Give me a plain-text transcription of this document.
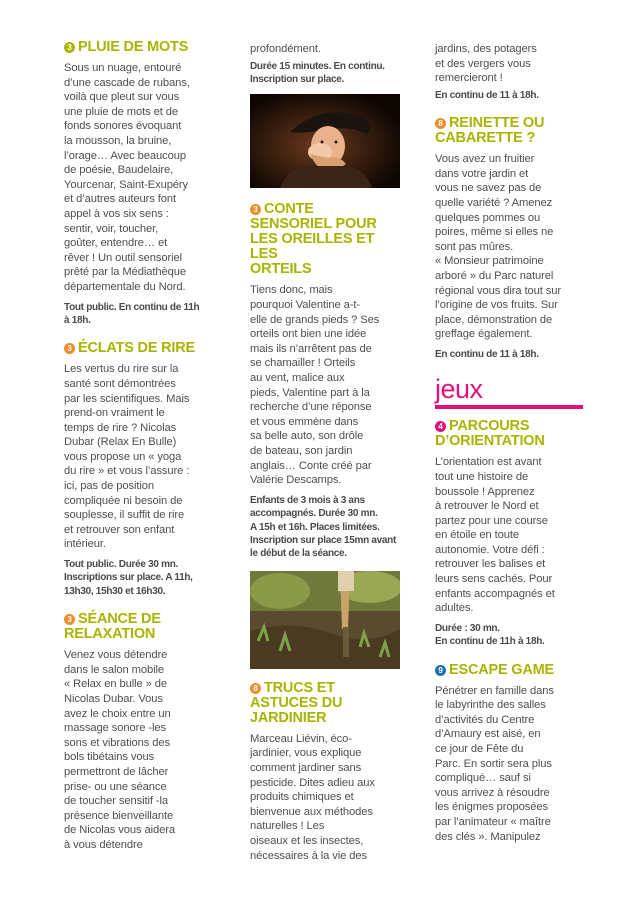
3 PLUIE DE MOTS

Sous un nuage, entouré
d’une cascade de rubans,
voilà que pleut sur vous
une pluie de mots et de
fonds sonores évoquant
la mousson, la bruine,
l’orage… Avec beaucoup
de poésie, Baudelaire,
Yourcenar, Saint-Exupéry
et d’autres auteurs font
appel à vos six sens :
sentir, voir, toucher,
goûter, entendre… et
rêver ! Un outil sensoriel
prêté par la Médiathèque
départementale du Nord.

Tout public. En continu de 11h
à 18h.

3 ÉCLATS DE RIRE

Les vertus du rire sur la
santé sont démontrées
par les scientifiques. Mais
prend-on vraiment le
temps de rire ? Nicolas
Dubar (Relax En Bulle)
vous propose un « yoga
du rire » et vous l’assure :
ici, pas de position
compliquée ni besoin de
souplesse, il suffit de rire
et retrouver son enfant
intérieur.

Tout public. Durée 30 mn.
Inscriptions sur place. A 11h,
13h30, 15h30 et 16h30.

3 SÉANCE DE
RELAXATION

Venez vous détendre
dans le salon mobile
« Relax en bulle » de
Nicolas Dubar. Vous
avez le choix entre un
massage sonore -les
sons et vibrations des
bols tibétains vous
permettront de lâcher
prise- ou une séance
de toucher sensitif -la
présence bienveillante
de Nicolas vous aidera
à vous détendre

profondément.

Durée 15 minutes. En continu.
Inscription sur place.

3 CONTE
SENSORIEL POUR
LES OREILLES ET LES
ORTEILS

Tiens donc, mais
pourquoi Valentine a-t-
elle de grands pieds ? Ses
orteils ont bien une idée
mais ils n’arrêtent pas de
se chamailler ! Orteils
au vent, malice aux
pieds, Valentine part à la
recherche d’une réponse
et vous emmène dans
sa belle auto, son drôle
de bateau, son jardin
anglais… Conte créé par
Valérie Descamps.

Enfants de 3 mois à 3 ans
accompagnés. Durée 30 mn.
A 15h et 16h. Places limitées.
Inscription sur place 15mn avant
le début de la séance.

8 TRUCS ET
ASTUCES DU
JARDINIER

Marceau Liévin, éco-
jardinier, vous explique
comment jardiner sans
pesticide. Dites adieu aux
produits chimiques et
bienvenue aux méthodes
naturelles ! Les
oiseaux et les insectes,
nécessaires à la vie des

jardins, des potagers
et des vergers vous
remercieront !

En continu de 11 à 18h.

8 REINETTE OU
CABARETTE ?

Vous avez un fruitier
dans votre jardin et
vous ne savez pas de
quelle variété ? Amenez
quelques pommes ou
poires, même si elles ne
sont pas mûres.
« Monsieur patrimoine
arboré » du Parc naturel
régional vous dira tout sur
l’origine de vos fruits. Sur
place, démonstration de
greffage également.

En continu de 11 à 18h.

jeux
4 PARCOURS
D’ORIENTATION

L’orientation est avant
tout une histoire de
boussole ! Apprenez
à retrouver le Nord et
partez pour une course
en étoile en toute
autonomie. Votre défi :
retrouver les balises et
leurs sens cachés. Pour
enfants accompagnés et
adultes.

Durée : 30 mn.
En continu de 11h à 18h.

9 ESCAPE GAME

Pénétrer en famille dans
le labyrinthe des salles
d’activités du Centre
d’Amaury est aisé, en
ce jour de Fête du
Parc. En sortir sera plus
compliqué… sauf si
vous arrivez à résoudre
les énigmes proposées
par l’animateur « maître
des clés ». Manipulez
